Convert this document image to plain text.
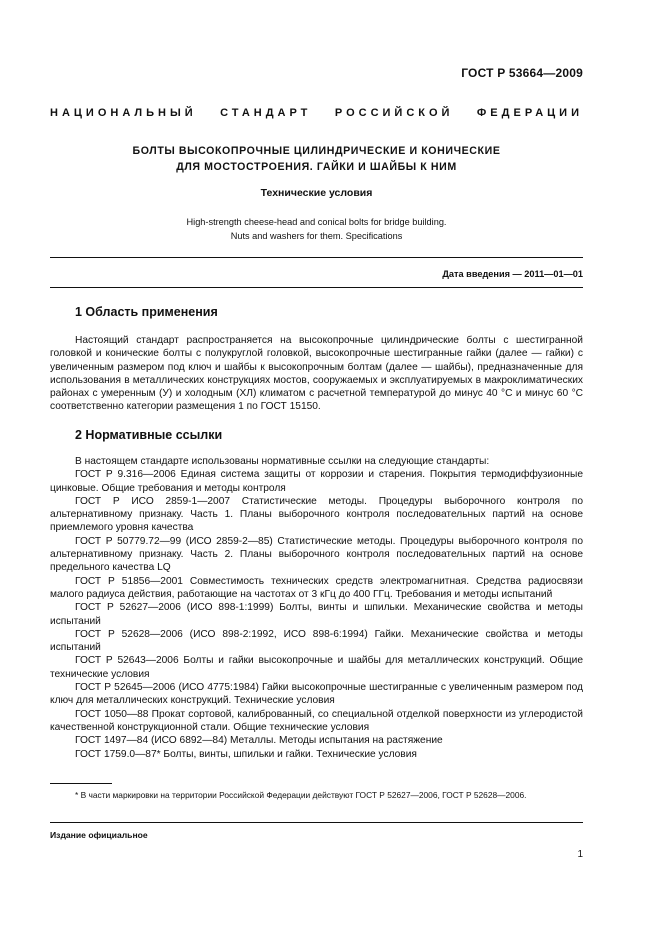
ГОСТ Р 53664—2009
НАЦИОНАЛЬНЫЙ СТАНДАРТ РОССИЙСКОЙ ФЕДЕРАЦИИ
БОЛТЫ ВЫСОКОПРОЧНЫЕ ЦИЛИНДРИЧЕСКИЕ И КОНИЧЕСКИЕ
ДЛЯ МОСТОСТРОЕНИЯ. ГАЙКИ И ШАЙБЫ К НИМ
Технические условия
High-strength cheese-head and conical bolts for bridge building.
Nuts and washers for them. Specifications
Дата введения — 2011—01—01
1 Область применения

Настоящий стандарт распространяется на высокопрочные цилиндрические болты с шестигранной головкой и конические болты с полукруглой головкой, высокопрочные шестигранные гайки (далее — гайки) с увеличенным размером под ключ и шайбы к высокопрочным болтам (далее — шайбы), предназначенные для использования в металлических конструкциях мостов, сооружаемых и эксплуатируемых в макроклиматических районах с умеренным (У) и холодным (ХЛ) климатом с расчетной температурой до минус 40 °С и минус 60 °С соответственно категории размещения 1 по ГОСТ 15150.

2 Нормативные ссылки

В настоящем стандарте использованы нормативные ссылки на следующие стандарты:

ГОСТ Р 9.316—2006 Единая система защиты от коррозии и старения. Покрытия термодиффузионные цинковые. Общие требования и методы контроля

ГОСТ Р ИСО 2859-1—2007 Статистические методы. Процедуры выборочного контроля по альтернативному признаку. Часть 1. Планы выборочного контроля последовательных партий на основе приемлемого уровня качества

ГОСТ Р 50779.72—99 (ИСО 2859-2—85) Статистические методы. Процедуры выборочного контроля по альтернативному признаку. Часть 2. Планы выборочного контроля последовательных партий на основе предельного качества LQ

ГОСТ Р 51856—2001 Совместимость технических средств электромагнитная. Средства радиосвязи малого радиуса действия, работающие на частотах от 3 кГц до 400 ГГц. Требования и методы испытаний

ГОСТ Р 52627—2006 (ИСО 898-1:1999) Болты, винты и шпильки. Механические свойства и методы испытаний

ГОСТ Р 52628—2006 (ИСО 898-2:1992, ИСО 898-6:1994) Гайки. Механические свойства и методы испытаний

ГОСТ Р 52643—2006 Болты и гайки высокопрочные и шайбы для металлических конструкций. Общие технические условия

ГОСТ Р 52645—2006 (ИСО 4775:1984) Гайки высокопрочные шестигранные с увеличенным размером под ключ для металлических конструкций. Технические условия

ГОСТ 1050—88 Прокат сортовой, калиброванный, со специальной отделкой поверхности из углеродистой качественной конструкционной стали. Общие технические условия

ГОСТ 1497—84 (ИСО 6892—84) Металлы. Методы испытания на растяжение

ГОСТ 1759.0—87* Болты, винты, шпильки и гайки. Технические условия

* В части маркировки на территории Российской Федерации действуют ГОСТ Р 52627—2006, ГОСТ Р 52628—2006.

Издание официальное
1
